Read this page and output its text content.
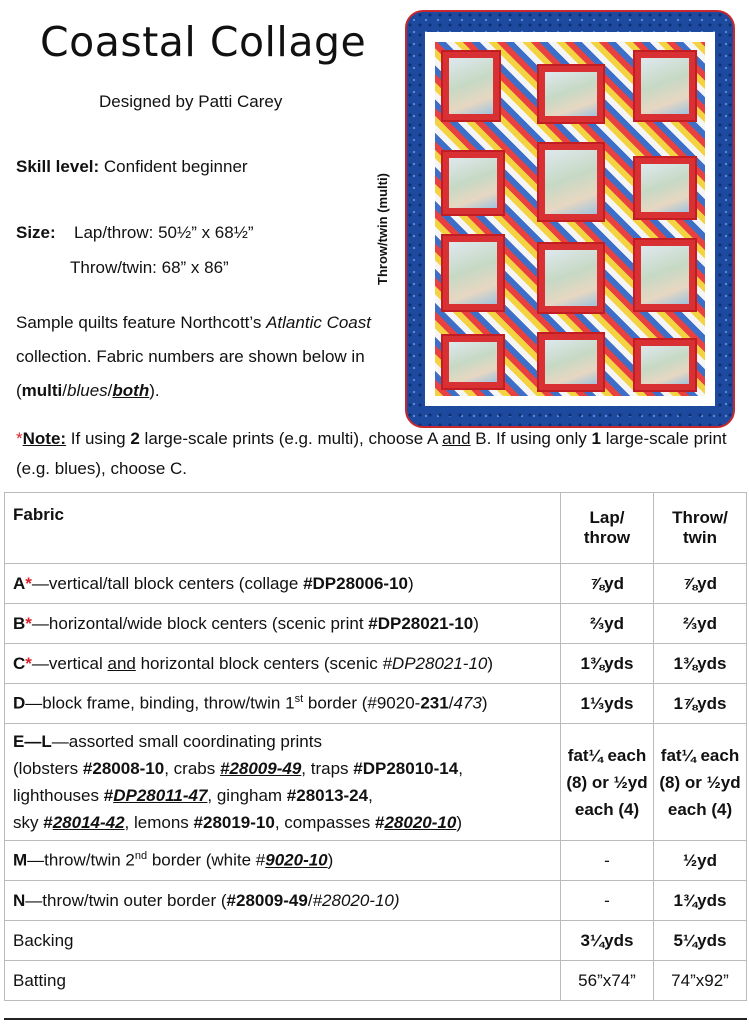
Coastal Collage
Designed by Patti Carey
Skill level: Confident beginner
Size: Lap/throw: 50½” x 68½”
Throw/twin: 68” x 86”
Sample quilts feature Northcott’s Atlantic Coast collection. Fabric numbers are shown below in (multi/blues/both).
*Note: If using 2 large-scale prints (e.g. multi), choose A and B. If using only 1 large-scale print (e.g. blues), choose C.
Throw/twin (multi)
Fabric	Lap/ throw	Throw/ twin
A*—vertical/tall block centers (collage #DP28006-10)	⅞yd	⅞yd
B*—horizontal/wide block centers (scenic print #DP28021-10)	⅔yd	⅔yd
C*—vertical and horizontal block centers (scenic #DP28021-10)	1⅜yds	1⅜yds
D—block frame, binding, throw/twin 1st border (#9020-231/473)	1⅓yds	1⅞yds

E—L—assorted small coordinating prints
(lobsters #28008-10, crabs #28009-49, traps #DP28010-14,
lighthouses #DP28011-47, gingham #28013-24,
sky #28014-42, lemons #28019-10, compasses #28020-10)	fat¼ each (8) or ½yd each (4)	fat¼ each (8) or ½yd each (4)
M—throw/twin 2nd border (white #9020-10)	-	½yd
N—throw/twin outer border (#28009-49/#28020-10)	-	1¾yds
Backing	3¼yds	5¼yds
Batting	56”x74”	74”x92”
